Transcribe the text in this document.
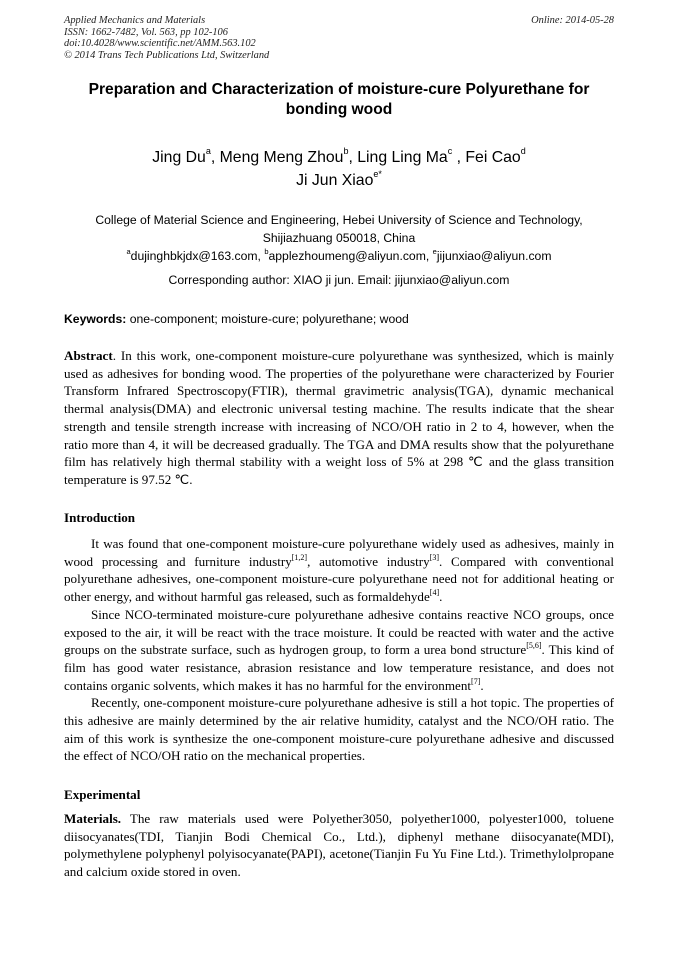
Applied Mechanics and Materials
ISSN: 1662-7482, Vol. 563, pp 102-106
doi:10.4028/www.scientific.net/AMM.563.102
© 2014 Trans Tech Publications Ltd, Switzerland
Online: 2014-05-28
Preparation and Characterization of moisture-cure Polyurethane for
bonding wood
Jing Du$^a$, Meng Meng Zhou$^b$, Ling Ling Ma$^c$ , Fei Cao$^d$
Ji Jun Xiao$^{e*}$
College of Material Science and Engineering, Hebei University of Science and Technology,
Shijiazhuang 050018, China
$^a$dujinghbkjdx@163.com, $^b$applezhoumeng@aliyun.com, $^e$jijunxiao@aliyun.com
Corresponding author: XIAO ji jun. Email: jijunxiao@aliyun.com
Keywords: one-component; moisture-cure; polyurethane; wood

Abstract. In this work, one-component moisture-cure polyurethane was synthesized, which is mainly used as adhesives for bonding wood. The properties of the polyurethane were characterized by Fourier Transform Infrared Spectroscopy(FTIR), thermal gravimetric analysis(TGA), dynamic mechanical thermal analysis(DMA) and electronic universal testing machine. The results indicate that the shear strength and tensile strength increase with increasing of NCO/OH ratio in 2 to 4, however, when the ratio more than 4, it will be decreased gradually. The TGA and DMA results show that the polyurethane film has relatively high thermal stability with a weight loss of 5% at 298 ℃ and the glass transition temperature is 97.52 ℃.

Introduction

It was found that one-component moisture-cure polyurethane widely used as adhesives, mainly in wood processing and furniture industry[1,2], automotive industry[3]. Compared with conventional polyurethane adhesives, one-component moisture-cure polyurethane need not for additional heating or other energy, and without harmful gas released, such as formaldehyde[4].

Since NCO-terminated moisture-cure polyurethane adhesive contains reactive NCO groups, once exposed to the air, it will be react with the trace moisture. It could be reacted with water and the active groups on the substrate surface, such as hydrogen group, to form a urea bond structure[5,6]. This kind of film has good water resistance, abrasion resistance and low temperature resistance, and does not contains organic solvents, which makes it has no harmful for the environment[7].

Recently, one-component moisture-cure polyurethane adhesive is still a hot topic. The properties of this adhesive are mainly determined by the air relative humidity, catalyst and the NCO/OH ratio. The aim of this work is synthesize the one-component moisture-cure polyurethane adhesive and discussed the effect of NCO/OH ratio on the mechanical properties.

Experimental

Materials. The raw materials used were Polyether3050, polyether1000, polyester1000, toluene diisocyanates(TDI, Tianjin Bodi Chemical Co., Ltd.), diphenyl methane diisocyanate(MDI), polymethylene polyphenyl polyisocyanate(PAPI), acetone(Tianjin Fu Yu Fine Ltd.). Trimethylolpropane and calcium oxide stored in oven.
